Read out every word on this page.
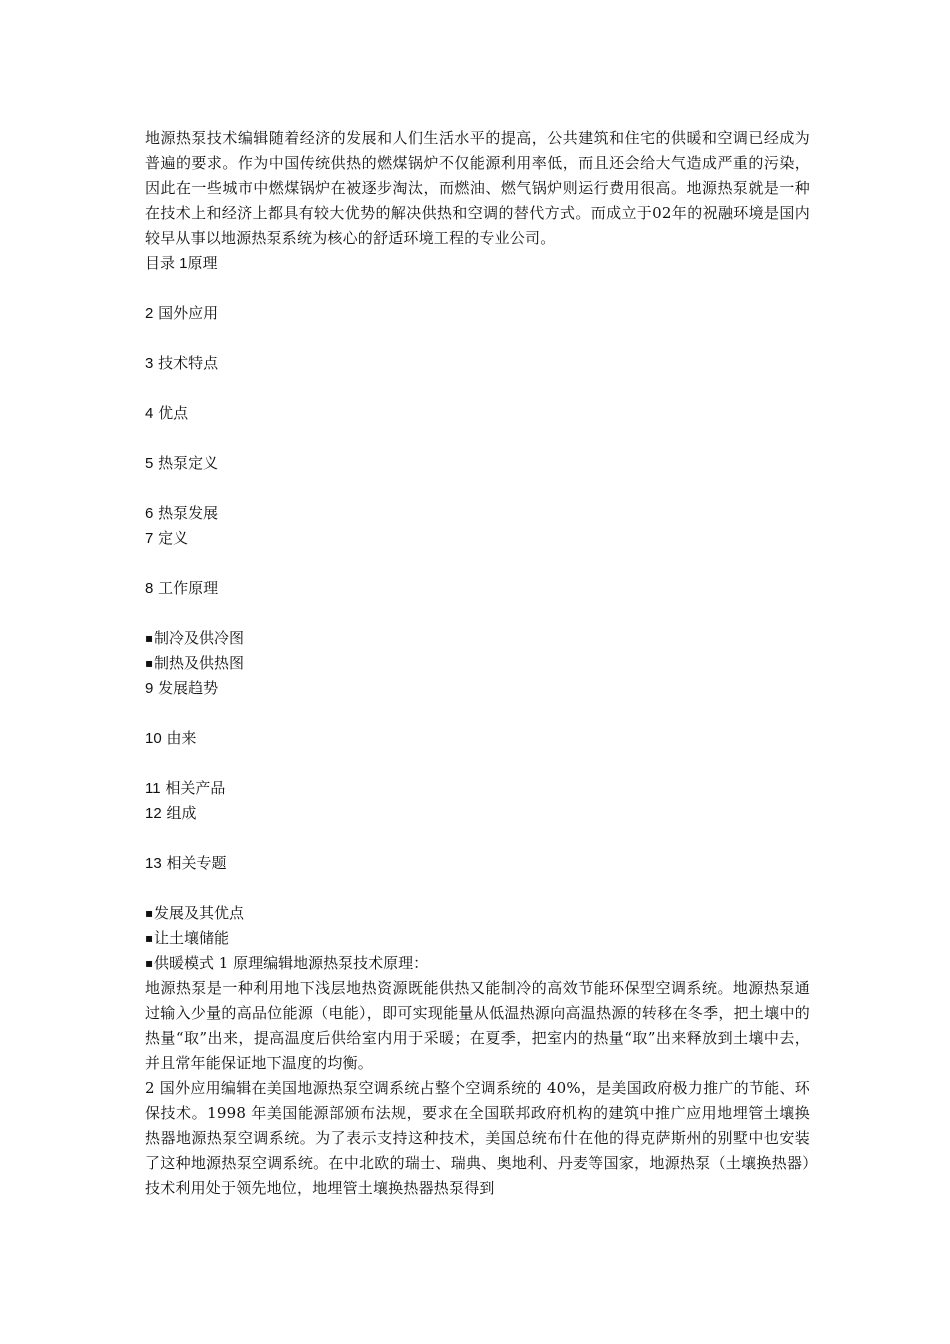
地源热泵技术编辑随着经济的发展和人们生活水平的提高，公共建筑和住宅的供暖和空调已经成为普遍的要求。作为中国传统供热的燃煤锅炉不仅能源利用率低，而且还会给大气造成严重的污染，因此在一些城市中燃煤锅炉在被逐步淘汰，而燃油、燃气锅炉则运行费用很高。地源热泵就是一种在技术上和经济上都具有较大优势的解决供热和空调的替代方式。而成立于02年的祝融环境是国内较早从事以地源热泵系统为核心的舒适环境工程的专业公司。

目录 1原理

2 国外应用

3 技术特点

4 优点

5 热泵定义

6 热泵发展

7 定义

8 工作原理

▪制冷及供冷图

▪制热及供热图

9 发展趋势

10 由来

11 相关产品

12 组成

13 相关专题

▪发展及其优点

▪让土壤储能

▪供暖模式 1 原理编辑地源热泵技术原理：

地源热泵是一种利用地下浅层地热资源既能供热又能制冷的高效节能环保型空调系统。地源热泵通过输入少量的高品位能源（电能），即可实现能量从低温热源向高温热源的转移在冬季，把土壤中的热量“取”出来，提高温度后供给室内用于采暖；在夏季，把室内的热量“取”出来释放到土壤中去，并且常年能保证地下温度的均衡。

2 国外应用编辑在美国地源热泵空调系统占整个空调系统的 40%，是美国政府极力推广的节能、环保技术。1998 年美国能源部颁布法规，要求在全国联邦政府机构的建筑中推广应用地埋管土壤换热器地源热泵空调系统。为了表示支持这种技术，美国总统布什在他的得克萨斯州的别墅中也安装了这种地源热泵空调系统。在中北欧的瑞士、瑞典、奥地利、丹麦等国家，地源热泵（土壤换热器）技术利用处于领先地位，地埋管土壤换热器热泵得到
